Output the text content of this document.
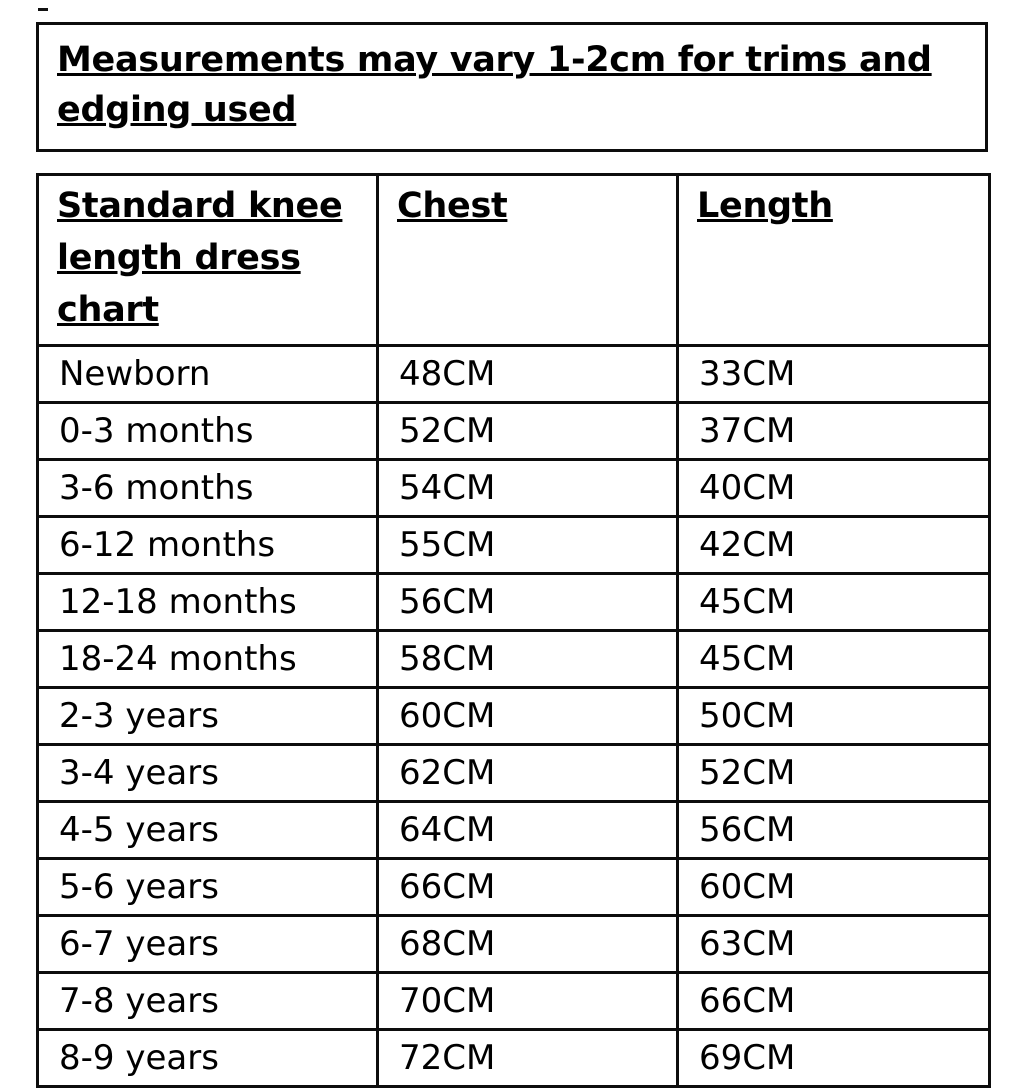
Measurements may vary 1-2cm for trims and edging used
Standard knee length dress chart	Chest	Length
Newborn	48CM	33CM
0-3 months	52CM	37CM
3-6 months	54CM	40CM
6-12 months	55CM	42CM
12-18 months	56CM	45CM
18-24 months	58CM	45CM
2-3 years	60CM	50CM
3-4 years	62CM	52CM
4-5 years	64CM	56CM
5-6 years	66CM	60CM
6-7 years	68CM	63CM
7-8 years	70CM	66CM
8-9 years	72CM	69CM
